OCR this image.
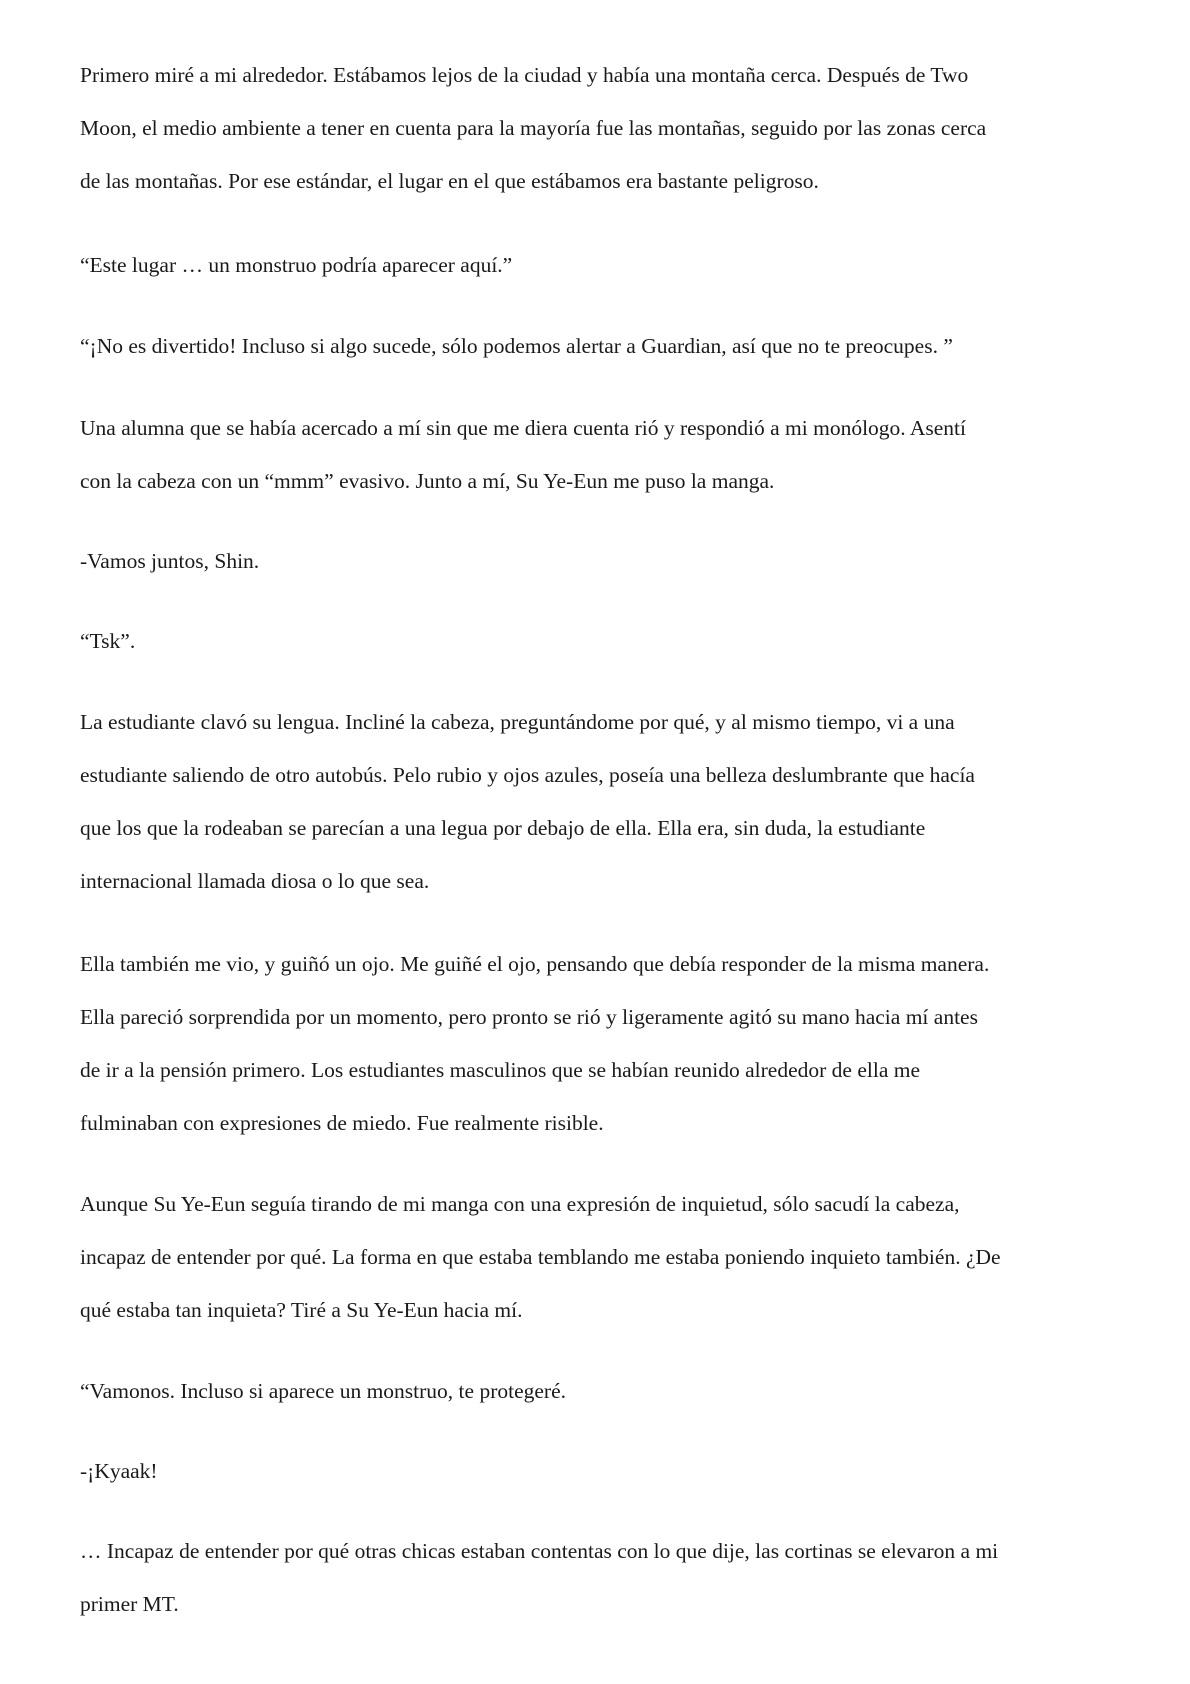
Primero miré a mi alrededor. Estábamos lejos de la ciudad y había una montaña cerca. Después de Two

Moon, el medio ambiente a tener en cuenta para la mayoría fue las montañas, seguido por las zonas cerca

de las montañas. Por ese estándar, el lugar en el que estábamos era bastante peligroso.

“Este lugar … un monstruo podría aparecer aquí.”

“¡No es divertido! Incluso si algo sucede, sólo podemos alertar a Guardian, así que no te preocupes. ”

Una alumna que se había acercado a mí sin que me diera cuenta rió y respondió a mi monólogo. Asentí

con la cabeza con un “mmm” evasivo. Junto a mí, Su Ye-Eun me puso la manga.

-Vamos juntos, Shin.

“Tsk”.

La estudiante clavó su lengua. Incliné la cabeza, preguntándome por qué, y al mismo tiempo, vi a una

estudiante saliendo de otro autobús. Pelo rubio y ojos azules, poseía una belleza deslumbrante que hacía

que los que la rodeaban se parecían a una legua por debajo de ella. Ella era, sin duda, la estudiante

internacional llamada diosa o lo que sea.

Ella también me vio, y guiñó un ojo. Me guiñé el ojo, pensando que debía responder de la misma manera.

Ella pareció sorprendida por un momento, pero pronto se rió y ligeramente agitó su mano hacia mí antes

de ir a la pensión primero. Los estudiantes masculinos que se habían reunido alrededor de ella me

fulminaban con expresiones de miedo. Fue realmente risible.

Aunque Su Ye-Eun seguía tirando de mi manga con una expresión de inquietud, sólo sacudí la cabeza,

incapaz de entender por qué. La forma en que estaba temblando me estaba poniendo inquieto también. ¿De

qué estaba tan inquieta? Tiré a Su Ye-Eun hacia mí.

“Vamonos. Incluso si aparece un monstruo, te protegeré.

-¡Kyaak!

… Incapaz de entender por qué otras chicas estaban contentas con lo que dije, las cortinas se elevaron a mi

primer MT.
